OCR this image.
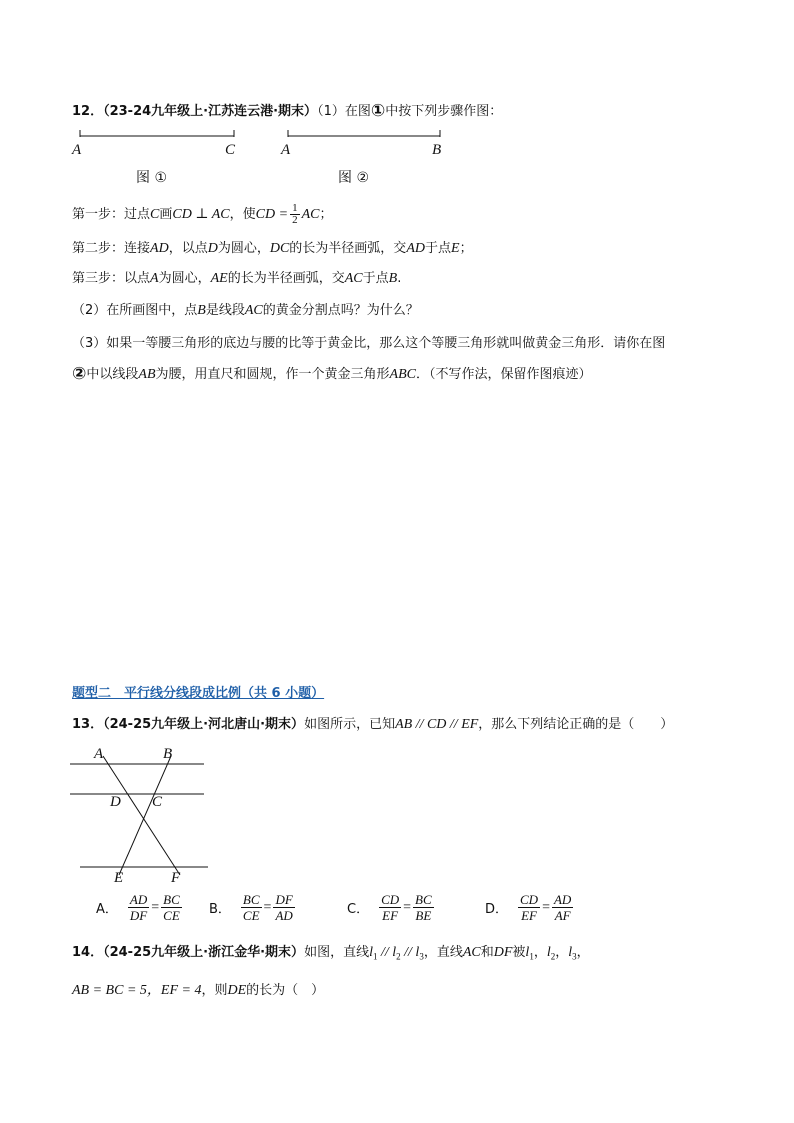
12．（23-24九年级上·江苏连云港·期末）（1）在图①中按下列步骤作图：
A	C	A	B
图 ①	图 ②
第一步：过点C画CD ⊥ AC，使CD = $\frac{1}{2}$ AC；
第二步：连接AD，以点D为圆心，DC的长为半径画弧，交AD于点E；
第三步：以点A为圆心，AE的长为半径画弧，交AC于点B.
（2）在所画图中，点B是线段AC的黄金分割点吗？为什么？
（3）如果一等腰三角形的底边与腰的比等于黄金比，那么这个等腰三角形就叫做黄金三角形．请你在图
②中以线段AB为腰，用直尺和圆规，作一个黄金三角形ABC．（不写作法，保留作图痕迹）
题型二　平行线分线段成比例（共 6 小题）
13．（24-25九年级上·河北唐山·期末）如图所示，已知AB // CD // EF，那么下列结论正确的是（　　）
A	B
D C
E	F
A． $\frac{AD}{DF} = \frac{BC}{CE}$ B． $\frac{BC}{CE} = \frac{DF}{AD}$	C． $\frac{CD}{EF} = \frac{BC}{BE}$	D． $\frac{CD}{EF} = \frac{AD}{AF}$
14．（24-25九年级上·浙江金华·期末）如图，直线$l_1 // l_2 // l_3$，直线AC和DF被$l_1$，$l_2$，$l_3$，
AB = BC = 5，EF = 4，则DE的长为（　）
